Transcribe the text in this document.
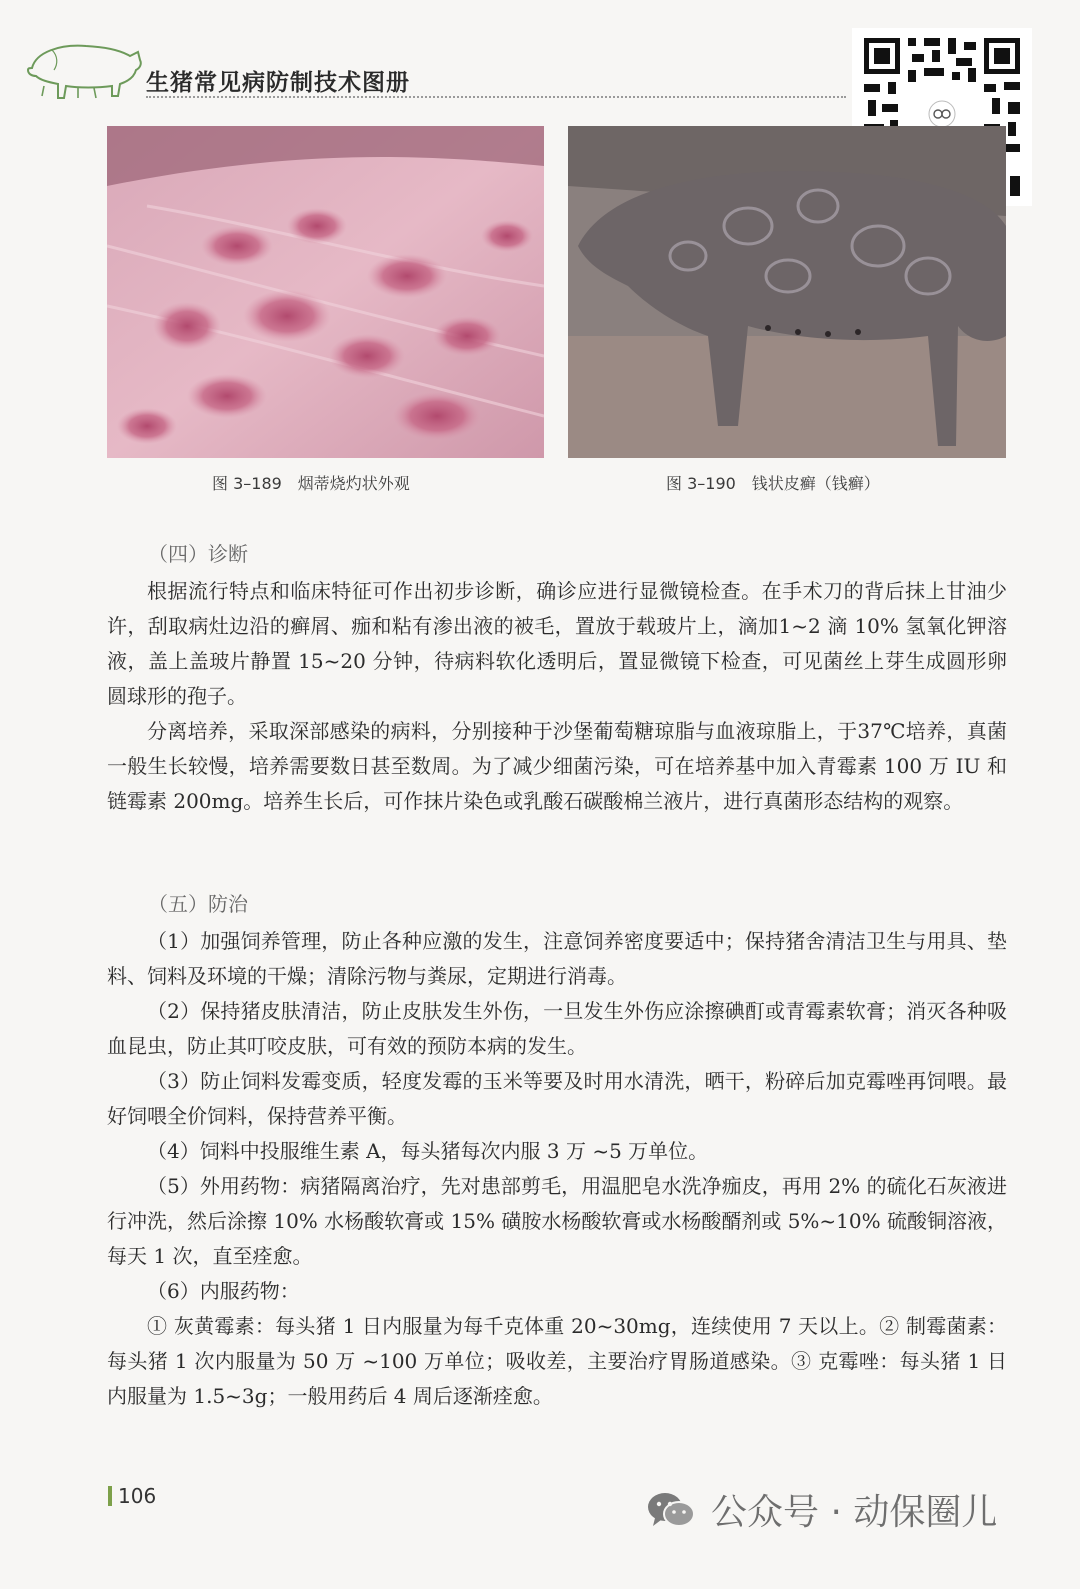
生猪常见病防制技术图册
图 3–189　烟蒂烧灼状外观	图 3–190　钱状皮癣（钱癣）
（四）诊断
根据流行特点和临床特征可作出初步诊断，确诊应进行显微镜检查。在手术刀的背后抹上甘油少许，刮取病灶边沿的癣屑、痂和粘有渗出液的被毛，置放于载玻片上，滴加1~2 滴 10% 氢氧化钾溶液，盖上盖玻片静置 15~20 分钟，待病料软化透明后，置显微镜下检查，可见菌丝上芽生成圆形卵圆球形的孢子。
分离培养，采取深部感染的病料，分别接种于沙堡葡萄糖琼脂与血液琼脂上，于37℃培养，真菌一般生长较慢，培养需要数日甚至数周。为了减少细菌污染，可在培养基中加入青霉素 100 万 IU 和链霉素 200mg。培养生长后，可作抹片染色或乳酸石碳酸棉兰液片，进行真菌形态结构的观察。
（五）防治
（1）加强饲养管理，防止各种应激的发生，注意饲养密度要适中；保持猪舍清洁卫生与用具、垫料、饲料及环境的干燥；清除污物与粪尿，定期进行消毒。
（2）保持猪皮肤清洁，防止皮肤发生外伤，一旦发生外伤应涂擦碘酊或青霉素软膏；消灭各种吸血昆虫，防止其叮咬皮肤，可有效的预防本病的发生。
（3）防止饲料发霉变质，轻度发霉的玉米等要及时用水清洗，晒干，粉碎后加克霉唑再饲喂。最好饲喂全价饲料，保持营养平衡。
（4）饲料中投服维生素 A，每头猪每次内服 3 万 ~5 万单位。
（5）外用药物：病猪隔离治疗，先对患部剪毛，用温肥皂水洗净痂皮，再用 2% 的硫化石灰液进行冲洗，然后涂擦 10% 水杨酸软膏或 15% 磺胺水杨酸软膏或水杨酸醑剂或 5%~10% 硫酸铜溶液，每天 1 次，直至痊愈。
（6）内服药物：
① 灰黄霉素：每头猪 1 日内服量为每千克体重 20~30mg，连续使用 7 天以上。② 制霉菌素：每头猪 1 次内服量为 50 万 ~100 万单位；吸收差，主要治疗胃肠道感染。③ 克霉唑：每头猪 1 日内服量为 1.5~3g；一般用药后 4 周后逐渐痊愈。
106	公众号 · 动保圈儿
